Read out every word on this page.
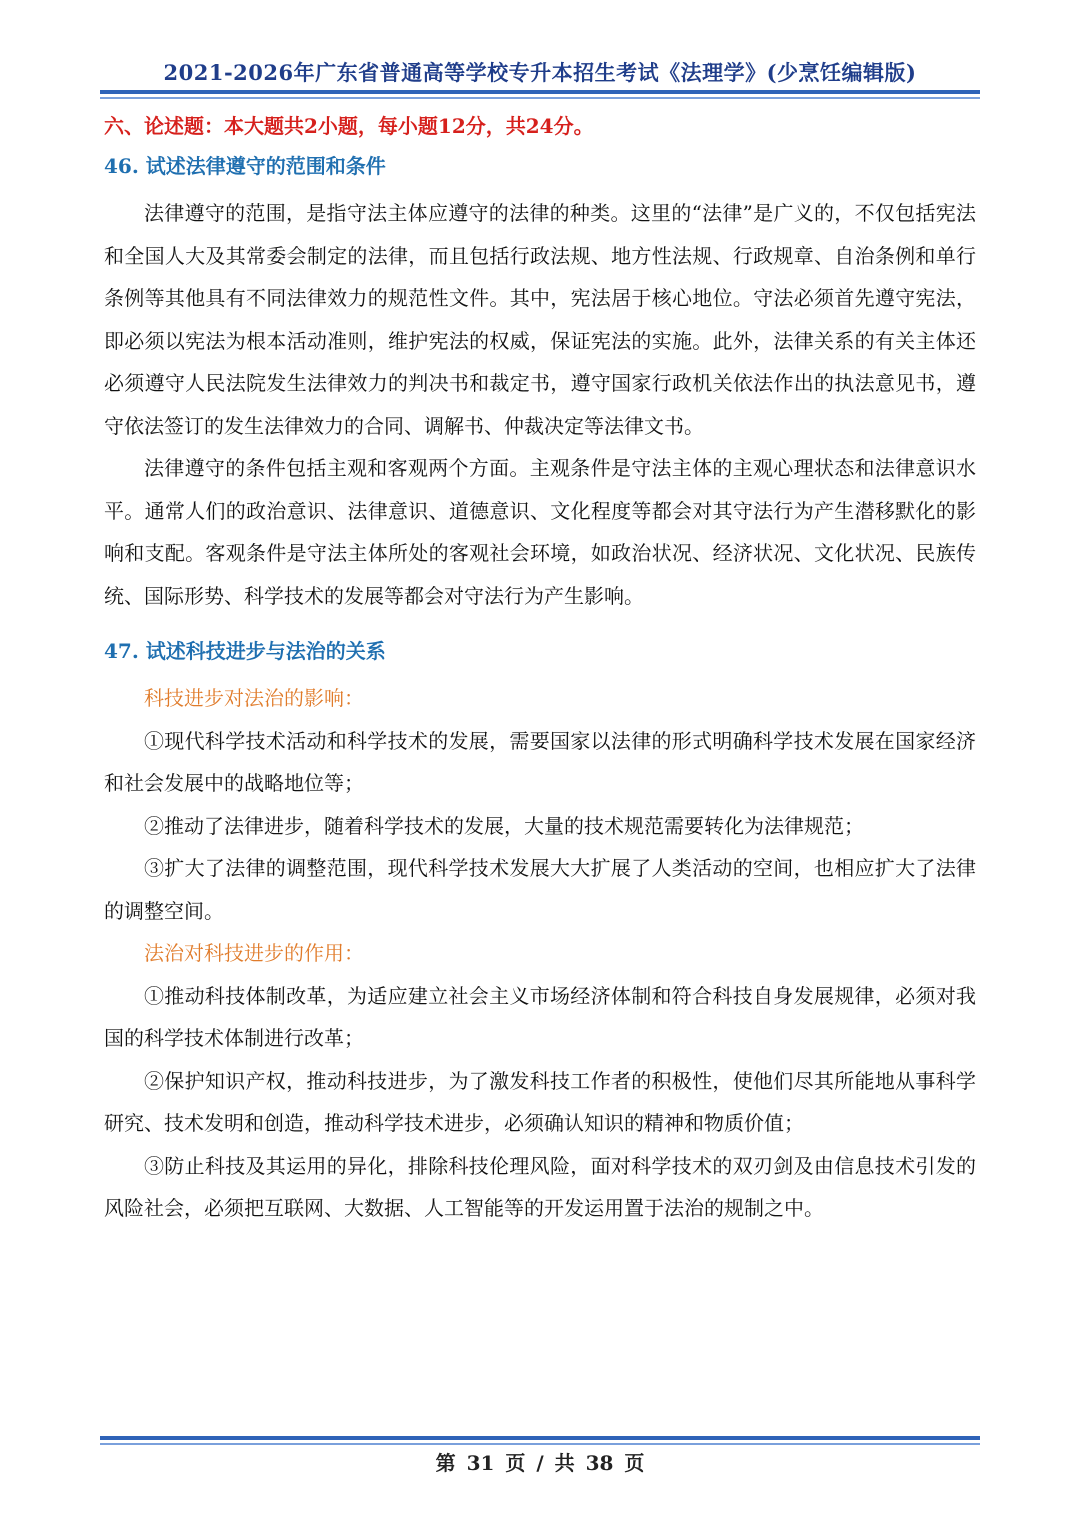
2021-2026年广东省普通高等学校专升本招生考试《法理学》(少烹饪编辑版)
六、论述题：本大题共2小题，每小题12分，共24分。
46. 试述法律遵守的范围和条件

法律遵守的范围，是指守法主体应遵守的法律的种类。这里的“法律”是广义的，不仅包括宪法和全国人大及其常委会制定的法律，而且包括行政法规、地方性法规、行政规章、自治条例和单行条例等其他具有不同法律效力的规范性文件。其中，宪法居于核心地位。守法必须首先遵守宪法，即必须以宪法为根本活动准则，维护宪法的权威，保证宪法的实施。此外，法律关系的有关主体还必须遵守人民法院发生法律效力的判决书和裁定书，遵守国家行政机关依法作出的执法意见书，遵守依法签订的发生法律效力的合同、调解书、仲裁决定等法律文书。

法律遵守的条件包括主观和客观两个方面。主观条件是守法主体的主观心理状态和法律意识水平。通常人们的政治意识、法律意识、道德意识、文化程度等都会对其守法行为产生潜移默化的影响和支配。客观条件是守法主体所处的客观社会环境，如政治状况、经济状况、文化状况、民族传统、国际形势、科学技术的发展等都会对守法行为产生影响。

47. 试述科技进步与法治的关系
科技进步对法治的影响：

①现代科学技术活动和科学技术的发展，需要国家以法律的形式明确科学技术发展在国家经济和社会发展中的战略地位等；

②推动了法律进步，随着科学技术的发展，大量的技术规范需要转化为法律规范；

③扩大了法律的调整范围，现代科学技术发展大大扩展了人类活动的空间，也相应扩大了法律的调整空间。

法治对科技进步的作用：

①推动科技体制改革，为适应建立社会主义市场经济体制和符合科技自身发展规律，必须对我国的科学技术体制进行改革；

②保护知识产权，推动科技进步，为了激发科技工作者的积极性，使他们尽其所能地从事科学研究、技术发明和创造，推动科学技术进步，必须确认知识的精神和物质价值；

③防止科技及其运用的异化，排除科技伦理风险，面对科学技术的双刃剑及由信息技术引发的风险社会，必须把互联网、大数据、人工智能等的开发运用置于法治的规制之中。

第 31 页 / 共 38 页
